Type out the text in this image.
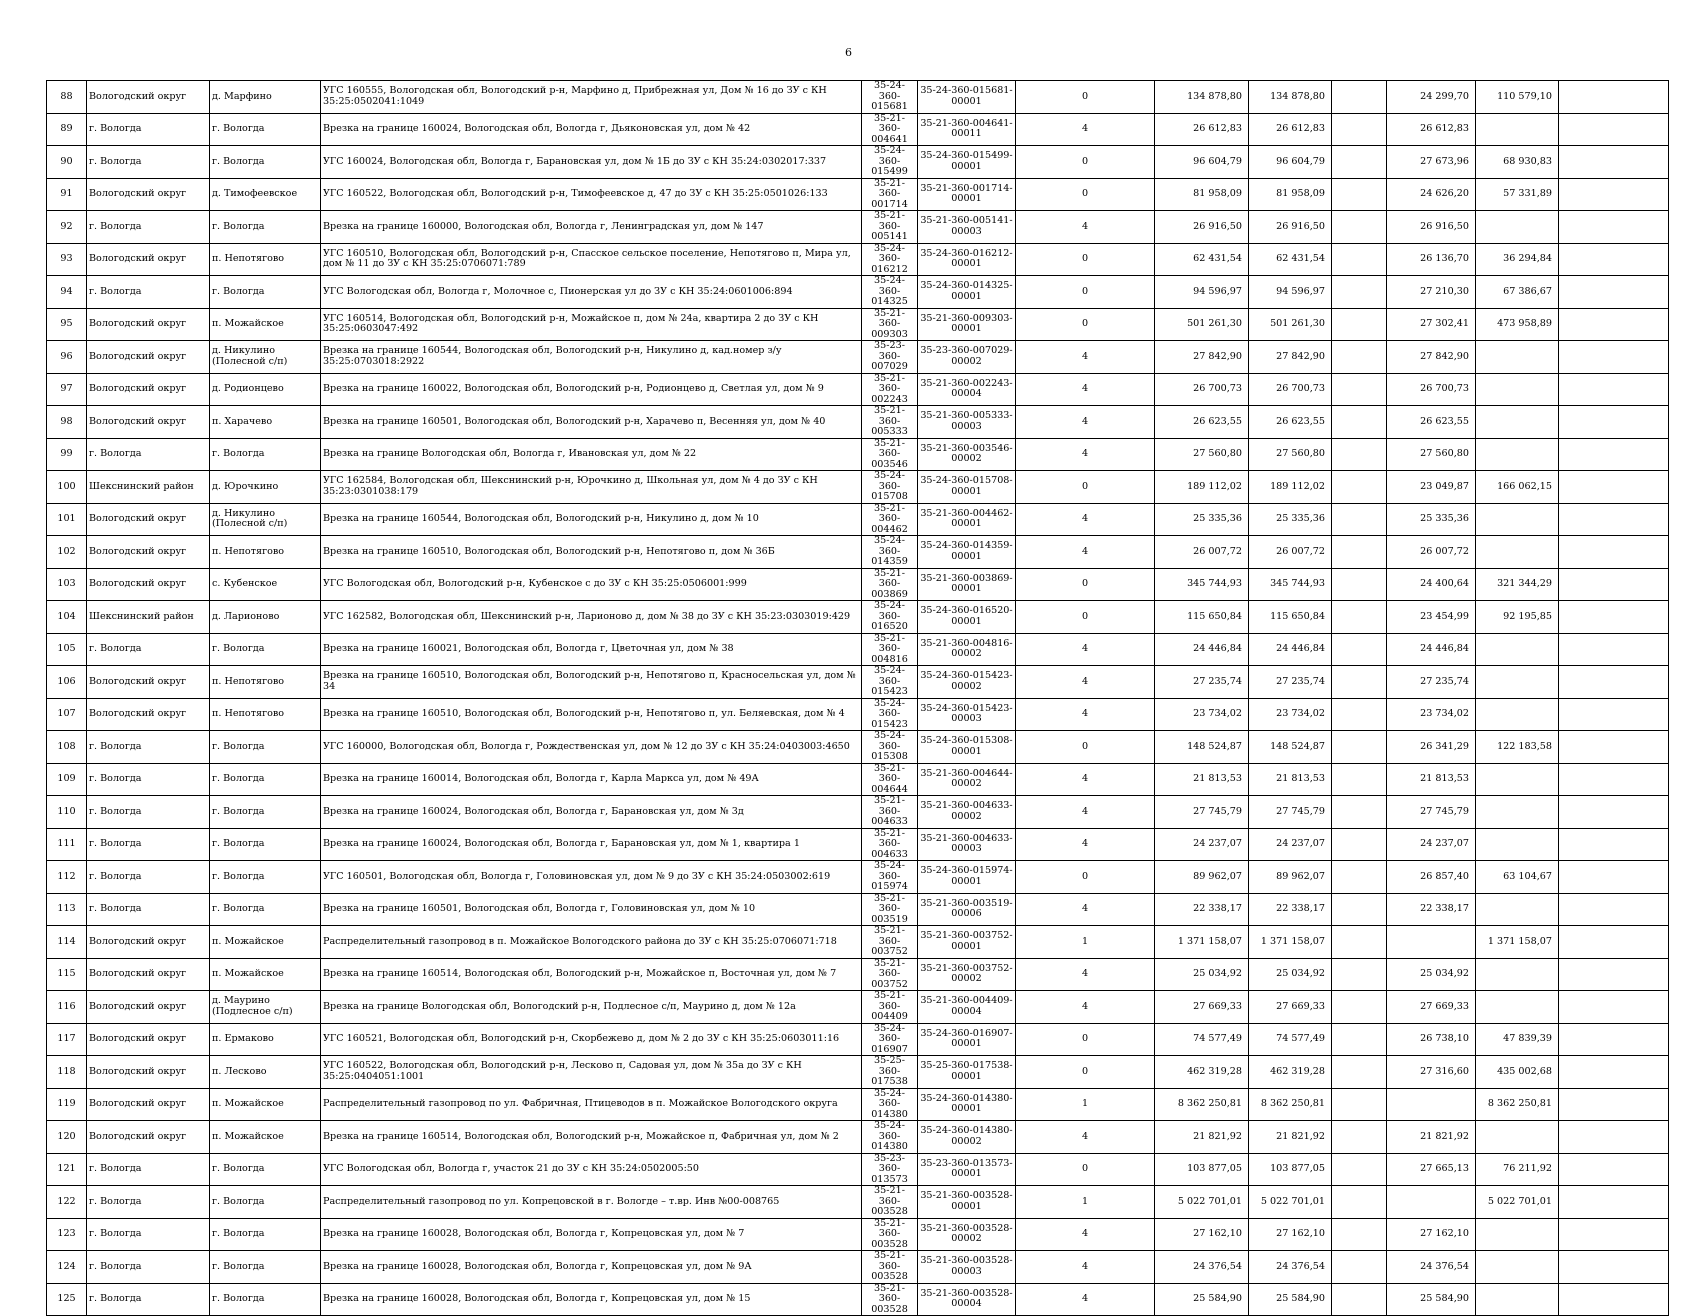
6
88	Вологодский округ	д. Марфино	УГС 160555, Вологодская обл, Вологодский р-н, Марфино д, Прибрежная ул, Дом № 16 до ЗУ с КН 35:25:0502041:1049	35-24-360-015681	35-24-360-015681-00001	0	134 878,80	134 878,80		24 299,70	110 579,10	
89	г. Вологда	г. Вологда	Врезка на границе 160024, Вологодская обл, Вологда г, Дьяконовская ул, дом № 42	35-21-360-004641	35-21-360-004641-00011	4	26 612,83	26 612,83		26 612,83		
90	г. Вологда	г. Вологда	УГС 160024, Вологодская обл, Вологда г, Барановская ул, дом № 1Б до ЗУ с КН 35:24:0302017:337	35-24-360-015499	35-24-360-015499-00001	0	96 604,79	96 604,79		27 673,96	68 930,83	
91	Вологодский округ	д. Тимофеевское	УГС 160522, Вологодская обл, Вологодский р-н, Тимофеевское д, 47 до ЗУ с КН 35:25:0501026:133	35-21-360-001714	35-21-360-001714-00001	0	81 958,09	81 958,09		24 626,20	57 331,89	
92	г. Вологда	г. Вологда	Врезка на границе 160000, Вологодская обл, Вологда г, Ленинградская ул, дом № 147	35-21-360-005141	35-21-360-005141-00003	4	26 916,50	26 916,50		26 916,50		
93	Вологодский округ	п. Непотягово	УГС 160510, Вологодская обл, Вологодский р-н, Спасское сельское поселение, Непотягово п, Мира ул, дом № 11 до ЗУ с КН 35:25:0706071:789	35-24-360-016212	35-24-360-016212-00001	0	62 431,54	62 431,54		26 136,70	36 294,84	
94	г. Вологда	г. Вологда	УГС Вологодская обл, Вологда г, Молочное с, Пионерская ул до ЗУ с КН 35:24:0601006:894	35-24-360-014325	35-24-360-014325-00001	0	94 596,97	94 596,97		27 210,30	67 386,67	
95	Вологодский округ	п. Можайское	УГС 160514, Вологодская обл, Вологодский р-н, Можайское п, дом № 24а, квартира 2 до ЗУ с КН 35:25:0603047:492	35-21-360-009303	35-21-360-009303-00001	0	501 261,30	501 261,30		27 302,41	473 958,89	
96	Вологодский округ	д. Никулино (Полесной с/п)	Врезка на границе 160544, Вологодская обл, Вологодский р-н, Никулино д, кад.номер з/у 35:25:0703018:2922	35-23-360-007029	35-23-360-007029-00002	4	27 842,90	27 842,90		27 842,90		
97	Вологодский округ	д. Родионцево	Врезка на границе 160022, Вологодская обл, Вологодский р-н, Родионцево д, Светлая ул, дом № 9	35-21-360-002243	35-21-360-002243-00004	4	26 700,73	26 700,73		26 700,73		
98	Вологодский округ	п. Харачево	Врезка на границе 160501, Вологодская обл, Вологодский р-н, Харачево п, Весенняя ул, дом № 40	35-21-360-005333	35-21-360-005333-00003	4	26 623,55	26 623,55		26 623,55		
99	г. Вологда	г. Вологда	Врезка на границе Вологодская обл, Вологда г, Ивановская ул, дом № 22	35-21-360-003546	35-21-360-003546-00002	4	27 560,80	27 560,80		27 560,80		
100	Шекснинский район	д. Юрочкино	УГС 162584, Вологодская обл, Шекснинский р-н, Юрочкино д, Школьная ул, дом № 4 до ЗУ с КН 35:23:0301038:179	35-24-360-015708	35-24-360-015708-00001	0	189 112,02	189 112,02		23 049,87	166 062,15	
101	Вологодский округ	д. Никулино (Полесной с/п)	Врезка на границе 160544, Вологодская обл, Вологодский р-н, Никулино д, дом № 10	35-21-360-004462	35-21-360-004462-00001	4	25 335,36	25 335,36		25 335,36		
102	Вологодский округ	п. Непотягово	Врезка на границе 160510, Вологодская обл, Вологодский р-н, Непотягово п, дом № 36Б	35-24-360-014359	35-24-360-014359-00001	4	26 007,72	26 007,72		26 007,72		
103	Вологодский округ	с. Кубенское	УГС Вологодская обл, Вологодский р-н, Кубенское с до ЗУ с КН 35:25:0506001:999	35-21-360-003869	35-21-360-003869-00001	0	345 744,93	345 744,93		24 400,64	321 344,29	
104	Шекснинский район	д. Ларионово	УГС 162582, Вологодская обл, Шекснинский р-н, Ларионово д, дом № 38 до ЗУ с КН 35:23:0303019:429	35-24-360-016520	35-24-360-016520-00001	0	115 650,84	115 650,84		23 454,99	92 195,85	
105	г. Вологда	г. Вологда	Врезка на границе 160021, Вологодская обл, Вологда г, Цветочная ул, дом № 38	35-21-360-004816	35-21-360-004816-00002	4	24 446,84	24 446,84		24 446,84		
106	Вологодский округ	п. Непотягово	Врезка на границе 160510, Вологодская обл, Вологодский р-н, Непотягово п, Красносельская ул, дом № 34	35-24-360-015423	35-24-360-015423-00002	4	27 235,74	27 235,74		27 235,74		
107	Вологодский округ	п. Непотягово	Врезка на границе 160510, Вологодская обл, Вологодский р-н, Непотягово п, ул. Беляевская, дом № 4	35-24-360-015423	35-24-360-015423-00003	4	23 734,02	23 734,02		23 734,02		
108	г. Вологда	г. Вологда	УГС 160000, Вологодская обл, Вологда г, Рождественская ул, дом № 12 до ЗУ с КН 35:24:0403003:4650	35-24-360-015308	35-24-360-015308-00001	0	148 524,87	148 524,87		26 341,29	122 183,58	
109	г. Вологда	г. Вологда	Врезка на границе 160014, Вологодская обл, Вологда г, Карла Маркса ул, дом № 49А	35-21-360-004644	35-21-360-004644-00002	4	21 813,53	21 813,53		21 813,53		
110	г. Вологда	г. Вологда	Врезка на границе 160024, Вологодская обл, Вологда г, Барановская ул, дом № 3д	35-21-360-004633	35-21-360-004633-00002	4	27 745,79	27 745,79		27 745,79		
111	г. Вологда	г. Вологда	Врезка на границе 160024, Вологодская обл, Вологда г, Барановская ул, дом № 1, квартира 1	35-21-360-004633	35-21-360-004633-00003	4	24 237,07	24 237,07		24 237,07		
112	г. Вологда	г. Вологда	УГС 160501, Вологодская обл, Вологда г, Головиновская ул, дом № 9 до ЗУ с КН 35:24:0503002:619	35-24-360-015974	35-24-360-015974-00001	0	89 962,07	89 962,07		26 857,40	63 104,67	
113	г. Вологда	г. Вологда	Врезка на границе 160501, Вологодская обл, Вологда г, Головиновская ул, дом № 10	35-21-360-003519	35-21-360-003519-00006	4	22 338,17	22 338,17		22 338,17		
114	Вологодский округ	п. Можайское	Распределительный газопровод в п. Можайское Вологодского района до ЗУ с КН 35:25:0706071:718	35-21-360-003752	35-21-360-003752-00001	1	1 371 158,07	1 371 158,07			1 371 158,07	
115	Вологодский округ	п. Можайское	Врезка на границе 160514, Вологодская обл, Вологодский р-н, Можайское п, Восточная ул, дом № 7	35-21-360-003752	35-21-360-003752-00002	4	25 034,92	25 034,92		25 034,92		
116	Вологодский округ	д. Маурино (Подлесное с/п)	Врезка на границе Вологодская обл, Вологодский р-н, Подлесное с/п, Маурино д, дом № 12а	35-21-360-004409	35-21-360-004409-00004	4	27 669,33	27 669,33		27 669,33		
117	Вологодский округ	п. Ермаково	УГС 160521, Вологодская обл, Вологодский р-н, Скорбежево д, дом № 2 до ЗУ с КН 35:25:0603011:16	35-24-360-016907	35-24-360-016907-00001	0	74 577,49	74 577,49		26 738,10	47 839,39	
118	Вологодский округ	п. Лесково	УГС 160522, Вологодская обл, Вологодский р-н, Лесково п, Садовая ул, дом № 35а до ЗУ с КН 35:25:0404051:1001	35-25-360-017538	35-25-360-017538-00001	0	462 319,28	462 319,28		27 316,60	435 002,68	
119	Вологодский округ	п. Можайское	Распределительный газопровод по ул. Фабричная, Птицеводов в п. Можайское Вологодского округа	35-24-360-014380	35-24-360-014380-00001	1	8 362 250,81	8 362 250,81			8 362 250,81	
120	Вологодский округ	п. Можайское	Врезка на границе 160514, Вологодская обл, Вологодский р-н, Можайское п, Фабричная ул, дом № 2	35-24-360-014380	35-24-360-014380-00002	4	21 821,92	21 821,92		21 821,92		
121	г. Вологда	г. Вологда	УГС Вологодская обл, Вологда г, участок 21 до ЗУ с КН 35:24:0502005:50	35-23-360-013573	35-23-360-013573-00001	0	103 877,05	103 877,05		27 665,13	76 211,92	
122	г. Вологда	г. Вологда	Распределительный газопровод по ул. Копрецовской в г. Вологде – т.вр. Инв №00-008765	35-21-360-003528	35-21-360-003528-00001	1	5 022 701,01	5 022 701,01			5 022 701,01	
123	г. Вологда	г. Вологда	Врезка на границе 160028, Вологодская обл, Вологда г, Копрецовская ул, дом № 7	35-21-360-003528	35-21-360-003528-00002	4	27 162,10	27 162,10		27 162,10		
124	г. Вологда	г. Вологда	Врезка на границе 160028, Вологодская обл, Вологда г, Копрецовская ул, дом № 9А	35-21-360-003528	35-21-360-003528-00003	4	24 376,54	24 376,54		24 376,54		
125	г. Вологда	г. Вологда	Врезка на границе 160028, Вологодская обл, Вологда г, Копрецовская ул, дом № 15	35-21-360-003528	35-21-360-003528-00004	4	25 584,90	25 584,90		25 584,90		
